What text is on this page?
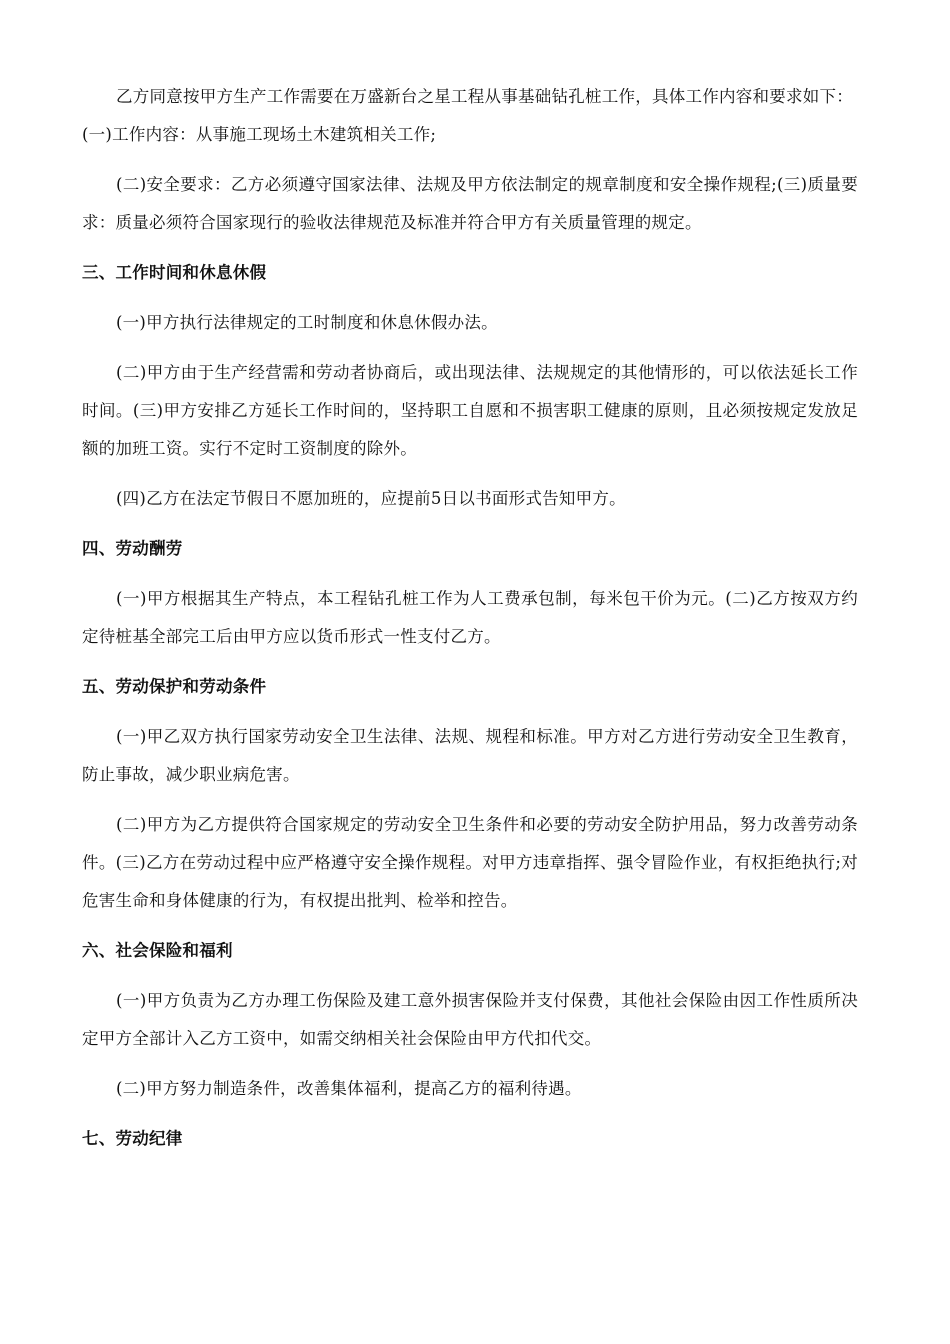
乙方同意按甲方生产工作需要在万盛新台之星工程从事基础钻孔桩工作，具体工作内容和要求如下：

(一)工作内容：从事施工现场土木建筑相关工作;

(二)安全要求：乙方必须遵守国家法律、法规及甲方依法制定的规章制度和安全操作规程;(三)质量要求：质量必须符合国家现行的验收法律规范及标准并符合甲方有关质量管理的规定。

三、工作时间和休息休假

(一)甲方执行法律规定的工时制度和休息休假办法。

(二)甲方由于生产经营需和劳动者协商后，或出现法律、法规规定的其他情形的，可以依法延长工作时间。(三)甲方安排乙方延长工作时间的，坚持职工自愿和不损害职工健康的原则，且必须按规定发放足额的加班工资。实行不定时工资制度的除外。

(四)乙方在法定节假日不愿加班的，应提前5日以书面形式告知甲方。

四、劳动酬劳

(一)甲方根据其生产特点，本工程钻孔桩工作为人工费承包制，每米包干价为元。(二)乙方按双方约定待桩基全部完工后由甲方应以货币形式一性支付乙方。

五、劳动保护和劳动条件

(一)甲乙双方执行国家劳动安全卫生法律、法规、规程和标准。甲方对乙方进行劳动安全卫生教育，防止事故，减少职业病危害。

(二)甲方为乙方提供符合国家规定的劳动安全卫生条件和必要的劳动安全防护用品，努力改善劳动条件。(三)乙方在劳动过程中应严格遵守安全操作规程。对甲方违章指挥、强令冒险作业，有权拒绝执行;对危害生命和身体健康的行为，有权提出批判、检举和控告。

六、社会保险和福利

(一)甲方负责为乙方办理工伤保险及建工意外损害保险并支付保费，其他社会保险由因工作性质所决定甲方全部计入乙方工资中，如需交纳相关社会保险由甲方代扣代交。

(二)甲方努力制造条件，改善集体福利，提高乙方的福利待遇。

七、劳动纪律
